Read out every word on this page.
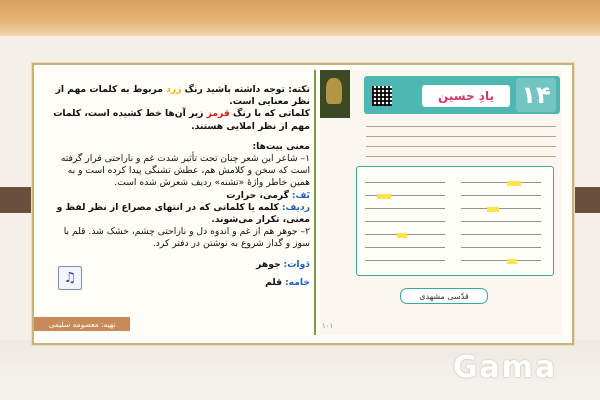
یادِ حسین	۱۴
قدّسی مشهدی
۱۰۱

نکته: توجه داشته باشید رنگ زرد مربوط به کلمات مهم از نظر معنایی است.

کلماتی که با رنگ قرمز زیر آن‌ها خط کشیده است، کلمات مهم از نظر املایی هستند.

معنی بیت‌ها:

۱– شاعر این شعر چنان تحت تأثیر شدت غم و ناراحتی قرار گرفته است که سخن و کلامش هم، عطش تشنگی پیدا کرده است و به همین خاطر واژهٔ «تشنه» ردیف شعرش شده است.

تَف: گرمی، حرارت

ردیف: کلمه یا کلماتی که در انتهای مصراع از نظر لفظ و معنی، تکرار می‌شوند.

۲– جوهر هم از غم و اندوه دل و ناراحتی چشم، خشک شد. قلم با سوز و گداز شروع به نوشتن در دفتر کرد.

دَوات: جوهر

خامه: قلم

♫
تهیه: معصومه سلیمی
Gama
